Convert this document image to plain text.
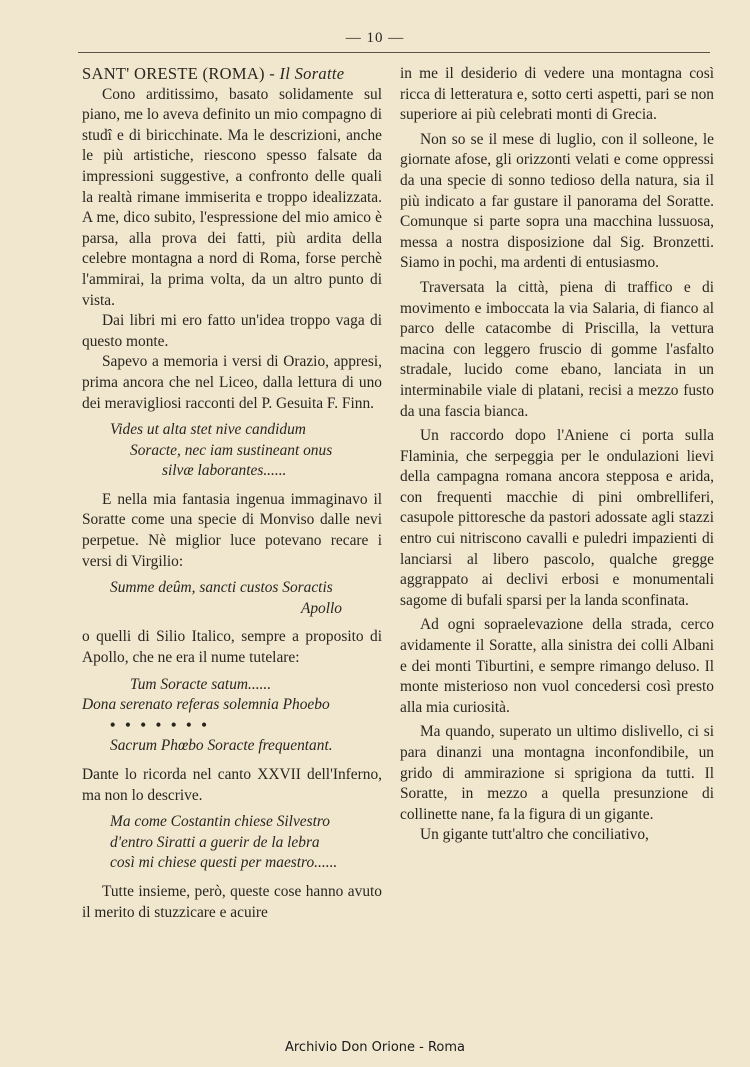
— 10 —

SANT' ORESTE (ROMA) - Il Soratte

Cono arditissimo, basato solidamente sul piano, me lo aveva definito un mio compagno di studî e di biricchinate. Ma le descrizioni, anche le più artistiche, riescono spesso falsate da impressioni suggestive, a confronto delle quali la realtà rimane immiserita e troppo idealizzata. A me, dico subito, l'espressione del mio amico è parsa, alla prova dei fatti, più ardita della celebre montagna a nord di Roma, forse perchè l'ammirai, la prima volta, da un altro punto di vista.

Dai libri mi ero fatto un'idea troppo vaga di questo monte.

Sapevo a memoria i versi di Orazio, appresi, prima ancora che nel Liceo, dalla lettura di uno dei meravigliosi racconti del P. Gesuita F. Finn.

Vides ut alta stet nive candidum
Soracte, nec iam sustineant onus
silvæ laborantes......

E nella mia fantasia ingenua immaginavo il Soratte come una specie di Monviso dalle nevi perpetue. Nè miglior luce potevano recare i versi di Virgilio:

Summe deûm, sancti custos Soractis
Apollo

o quelli di Silio Italico, sempre a proposito di Apollo, che ne era il nume tutelare:

Tum Soracte satum......
Dona serenato referas solemnia Phoebo
• • • • • • •
Sacrum Phœbo Soracte frequentant.

Dante lo ricorda nel canto XXVII dell'Inferno, ma non lo descrive.

Ma come Costantin chiese Silvestro
d'entro Siratti a guerir de la lebra
così mi chiese questi per maestro......

Tutte insieme, però, queste cose hanno avuto il merito di stuzzicare e acuire

in me il desiderio di vedere una montagna così ricca di letteratura e, sotto certi aspetti, pari se non superiore ai più celebrati monti di Grecia.

Non so se il mese di luglio, con il solleone, le giornate afose, gli orizzonti velati e come oppressi da una specie di sonno tedioso della natura, sia il più indicato a far gustare il panorama del Soratte. Comunque si parte sopra una macchina lussuosa, messa a nostra disposizione dal Sig. Bronzetti. Siamo in pochi, ma ardenti di entusiasmo.

Traversata la città, piena di traffico e di movimento e imboccata la via Salaria, di fianco al parco delle catacombe di Priscilla, la vettura macina con leggero fruscio di gomme l'asfalto stradale, lucido come ebano, lanciata in un interminabile viale di platani, recisi a mezzo fusto da una fascia bianca.

Un raccordo dopo l'Aniene ci porta sulla Flaminia, che serpeggia per le ondulazioni lievi della campagna romana ancora stepposa e arida, con frequenti macchie di pini ombrelliferi, casupole pittoresche da pastori adossate agli stazzi entro cui nitriscono cavalli e puledri impazienti di lanciarsi al libero pascolo, qualche gregge aggrappato ai declivi erbosi e monumentali sagome di bufali sparsi per la landa sconfinata.

Ad ogni sopraelevazione della strada, cerco avidamente il Soratte, alla sinistra dei colli Albani e dei monti Tiburtini, e sempre rimango deluso. Il monte misterioso non vuol concedersi così presto alla mia curiosità.

Ma quando, superato un ultimo dislivello, ci si para dinanzi una montagna inconfondibile, un grido di ammirazione si sprigiona da tutti. Il Soratte, in mezzo a quella presunzione di collinette nane, fa la figura di un gigante.

Un gigante tutt'altro che conciliativo,

Archivio Don Orione - Roma
